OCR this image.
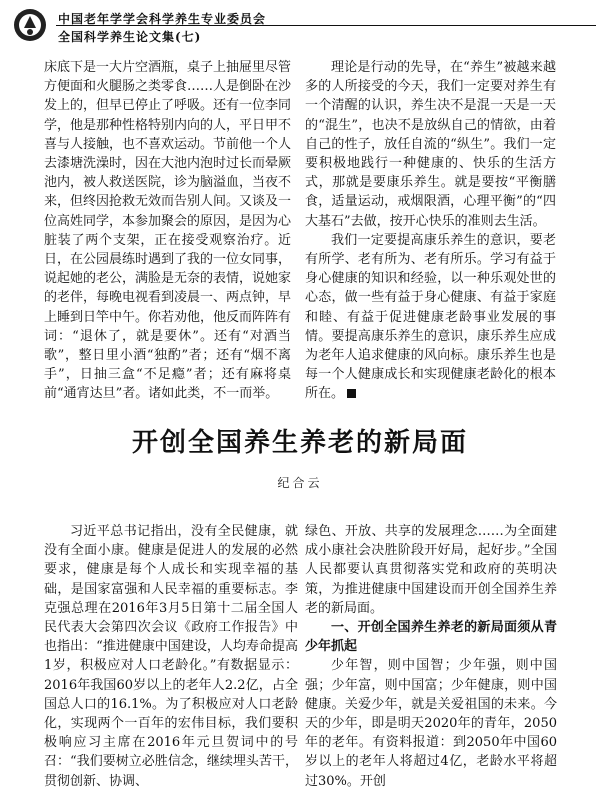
中国老年学学会科学养生专业委员会
全国科学养生论文集(七)

床底下是一大片空酒瓶，桌子上抽屉里尽管方便面和火腿肠之类零食……人是倒卧在沙发上的，但早已停止了呼吸。还有一位李同学，他是那种性格特别内向的人，平日甲不喜与人接触，也不喜欢运动。节前他一个人去漆塘洗澡时，因在大池内泡时过长而晕厥池内，被人救送医院，诊为脑溢血，当夜不来，但终因抢救无效而告别人间。又谈及一位高姓同学，本参加聚会的原因，是因为心脏装了两个支架，正在接受观察治疗。近日，在公园晨练时遇到了我的一位女同事，说起她的老公，满脸是无奈的表情，说她家的老伴，每晚电视看到凌晨一、两点钟，早上睡到日竿中午。你若劝他，他反而阵阵有词：“退休了，就是要休”。还有“对酒当歌”，整日里小酒“独酌”者；还有“烟不离手”，日抽三盒“不足瘾”者；还有麻将桌前“通宵达旦”者。诸如此类，不一而举。

理论是行动的先导，在“养生”被越来越多的人所接受的今天，我们一定要对养生有一个清醒的认识，养生决不是混一天是一天的“混生”，也决不是放纵自己的情欲，由着自己的性子，放任自流的“纵生”。我们一定要积极地践行一种健康的、快乐的生活方式，那就是要康乐养生。就是要按“平衡膳食，适量运动，戒烟限酒，心理平衡”的“四大基石”去做，按开心快乐的准则去生活。

我们一定要提高康乐养生的意识，要老有所学、老有所为、老有所乐。学习有益于身心健康的知识和经验，以一种乐观处世的心态，做一些有益于身心健康、有益于家庭和睦、有益于促进健康老龄事业发展的事情。要提高康乐养生的意识，康乐养生应成为老年人追求健康的风向标。康乐养生也是每一个人健康成长和实现健康老龄化的根本所在。

开创全国养生养老的新局面
纪合云

习近平总书记指出，没有全民健康，就没有全面小康。健康是促进人的发展的必然要求，健康是每个人成长和实现幸福的基础，是国家富强和人民幸福的重要标志。李克强总理在2016年3月5日第十二届全国人民代表大会第四次会议《政府工作报告》中也指出：“推进健康中国建设，人均寿命提高1岁，积极应对人口老龄化。”有数据显示：2016年我国60岁以上的老年人2.2亿，占全国总人口的16.1%。为了积极应对人口老龄化，实现两个一百年的宏伟目标，我们要积极响应习主席在2016年元旦贺词中的号召：“我们要树立必胜信念，继续埋头苦干，贯彻创新、协调、

绿色、开放、共享的发展理念……为全面建成小康社会决胜阶段开好局，起好步。”全国人民都要认真贯彻落实党和政府的英明决策，为推进健康中国建设而开创全国养生养老的新局面。

一、开创全国养生养老的新局面须从青少年抓起

少年智，则中国智；少年强，则中国强；少年富，则中国富；少年健康，则中国健康。关爱少年，就是关爱祖国的未来。今天的少年，即是明天2020年的青年，2050年的老年。有资料报道：到2050年中国60岁以上的老年人将超过4亿，老龄水平将超过30%。开创
